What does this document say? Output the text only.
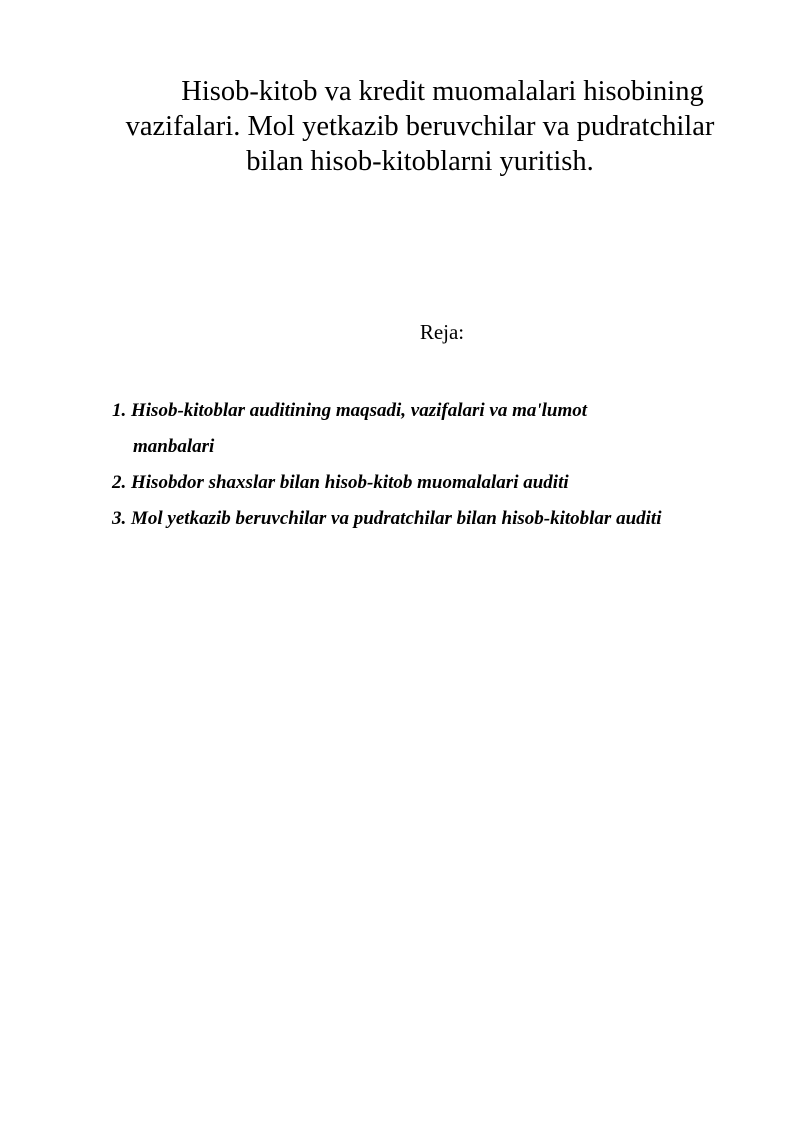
Hisob-kitob va kredit muomalalari hisobining
vazifalari. Mol yetkazib beruvchilar va pudratchilar
bilan hisob-kitoblarni yuritish.
Reja:
1. Hisob-kitoblar auditining maqsadi, vazifalari va ma'lumot
manbalari
2. Hisobdor shaxslar bilan hisob-kitob muomalalari auditi
3. Mol yetkazib beruvchilar va pudratchilar bilan hisob-kitoblar auditi
